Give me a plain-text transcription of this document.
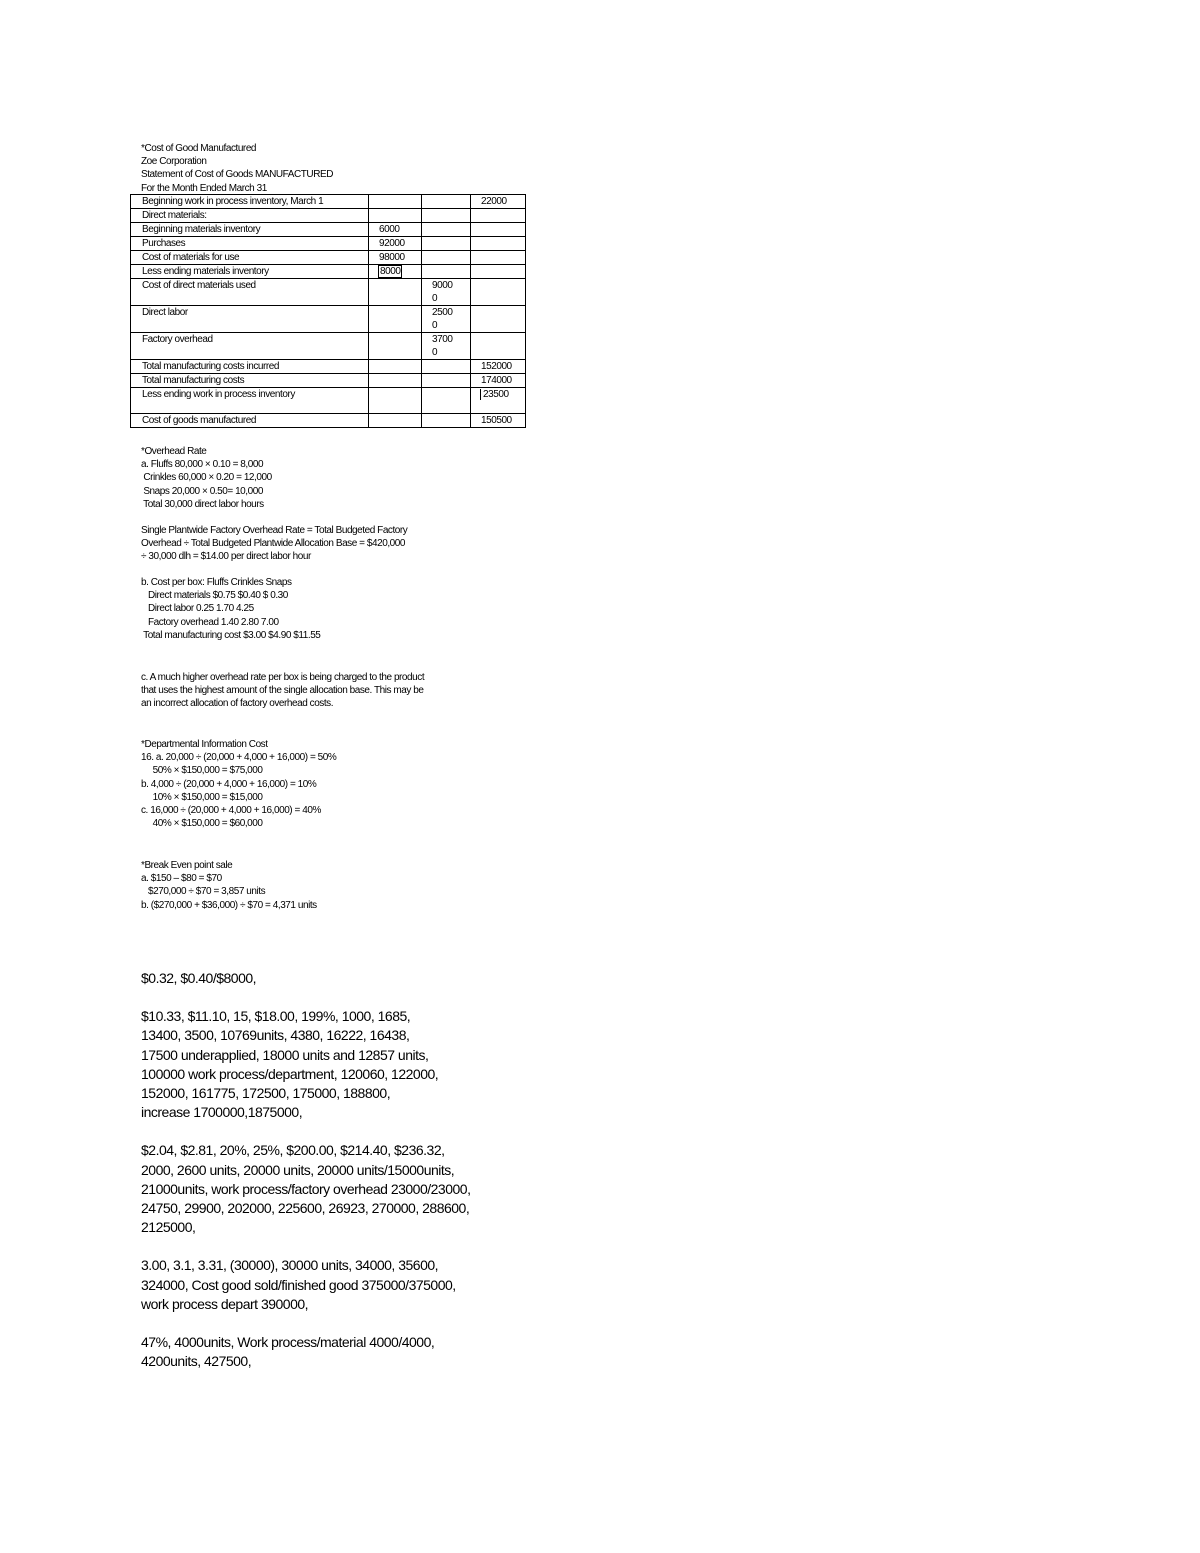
*Cost of Good Manufactured
Zoe Corporation
Statement of Cost of Goods MANUFACTURED
For the Month Ended March 31
Beginning work in process inventory, March 1			22000
Direct materials:			
Beginning materials inventory	6000		
Purchases	92000		
Cost of materials for use	98000		
Less ending materials inventory	8000		
Cost of direct materials used		90000	

Direct labor		25000	

Factory overhead		37000	

Total manufacturing costs incurred			152000
Total manufacturing costs			174000
Less ending work in process inventory			23500
Cost of goods manufactured			150500
*Overhead Rate
a. Fluffs 80,000 × 0.10 = 8,000
Crinkles 60,000 × 0.20 = 12,000
Snaps 20,000 × 0.50= 10,000
Total 30,000 direct labor hours
Single Plantwide Factory Overhead Rate = Total Budgeted Factory
Overhead ÷ Total Budgeted Plantwide Allocation Base = $420,000
÷ 30,000 dlh = $14.00 per direct labor hour
b. Cost per box: Fluffs Crinkles Snaps
Direct materials $0.75 $0.40 $ 0.30
Direct labor 0.25 1.70 4.25
Factory overhead 1.40 2.80 7.00
Total manufacturing cost $3.00 $4.90 $11.55
c. A much higher overhead rate per box is being charged to the product
that uses the highest amount of the single allocation base. This may be
an incorrect allocation of factory overhead costs.
*Departmental Information Cost
16. a. 20,000 ÷ (20,000 + 4,000 + 16,000) = 50%
50% × $150,000 = $75,000
b. 4,000 ÷ (20,000 + 4,000 + 16,000) = 10%
10% × $150,000 = $15,000
c. 16,000 ÷ (20,000 + 4,000 + 16,000) = 40%
40% × $150,000 = $60,000
*Break Even point sale
a. $150 – $80 = $70
$270,000 ÷ $70 = 3,857 units
b. ($270,000 + $36,000) ÷ $70 = 4,371 units

$0.32, $0.40/$8000,

$10.33, $11.10, 15, $18.00, 199%, 1000, 1685,
13400, 3500, 10769units, 4380, 16222, 16438,
17500 underapplied, 18000 units and 12857 units,
100000 work process/department, 120060, 122000,
152000, 161775, 172500, 175000, 188800,
increase 1700000,1875000,

$2.04, $2.81, 20%, 25%, $200.00, $214.40, $236.32,
2000, 2600 units, 20000 units, 20000 units/15000units,
21000units, work process/factory overhead 23000/23000,
24750, 29900, 202000, 225600, 26923, 270000, 288600,
2125000,

3.00, 3.1, 3.31, (30000), 30000 units, 34000, 35600,
324000, Cost good sold/finished good 375000/375000,
work process depart 390000,

47%, 4000units, Work process/material 4000/4000,
4200units, 427500,
